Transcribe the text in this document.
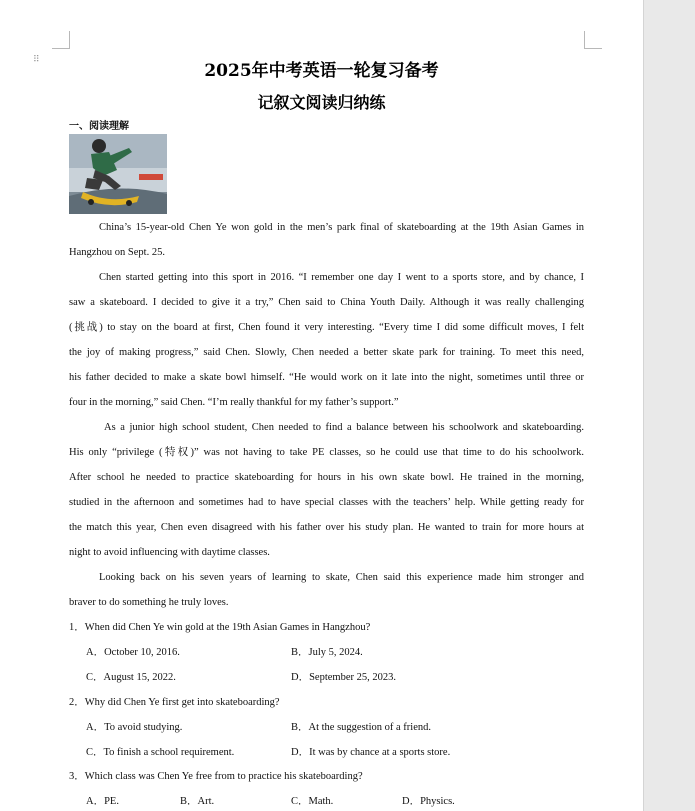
⠿
2025年中考英语一轮复习备考
记叙文阅读归纳练
一、阅读理解
China’s 15-year-old Chen Ye won gold in the men’s park final of skateboarding at the 19th Asian Games in
Hangzhou on Sept. 25.
Chen started getting into this sport in 2016. “I remember one day I went to a sports store, and by chance, I
saw a skateboard. I decided to give it a try,” Chen said to China Youth Daily. Although it was really challenging
(挑战) to stay on the board at first, Chen found it very interesting. “Every time I did some difficult moves, I felt
the joy of making progress,” said Chen. Slowly, Chen needed a better skate park for training. To meet this need,
his father decided to make a skate bowl himself. “He would work on it late into the night, sometimes until three or
four in the morning,” said Chen. “I’m really thankful for my father’s support.”
As a junior high school student, Chen needed to find a balance between his schoolwork and skateboarding.
His only “privilege (特权)” was not having to take PE classes, so he could use that time to do his schoolwork.
After school he needed to practice skateboarding for hours in his own skate bowl. He trained in the morning,
studied in the afternoon and sometimes had to have special classes with the teachers’ help. While getting ready for
the match this year, Chen even disagreed with his father over his study plan. He wanted to train for more hours at
night to avoid influencing with daytime classes.
Looking back on his seven years of learning to skate, Chen said this experience made him stronger and
braver to do something he truly loves.
1．When did Chen Ye win gold at the 19th Asian Games in Hangzhou?
A．October 10, 2016.	B．July 5, 2024.
C．August 15, 2022.	D．September 25, 2023.
2．Why did Chen Ye first get into skateboarding?
A．To avoid studying.	B．At the suggestion of a friend.
C．To finish a school requirement.	D．It was by chance at a sports store.
3．Which class was Chen Ye free from to practice his skateboarding?
A．PE.	B．Art.	C．Math.	D．Physics.
